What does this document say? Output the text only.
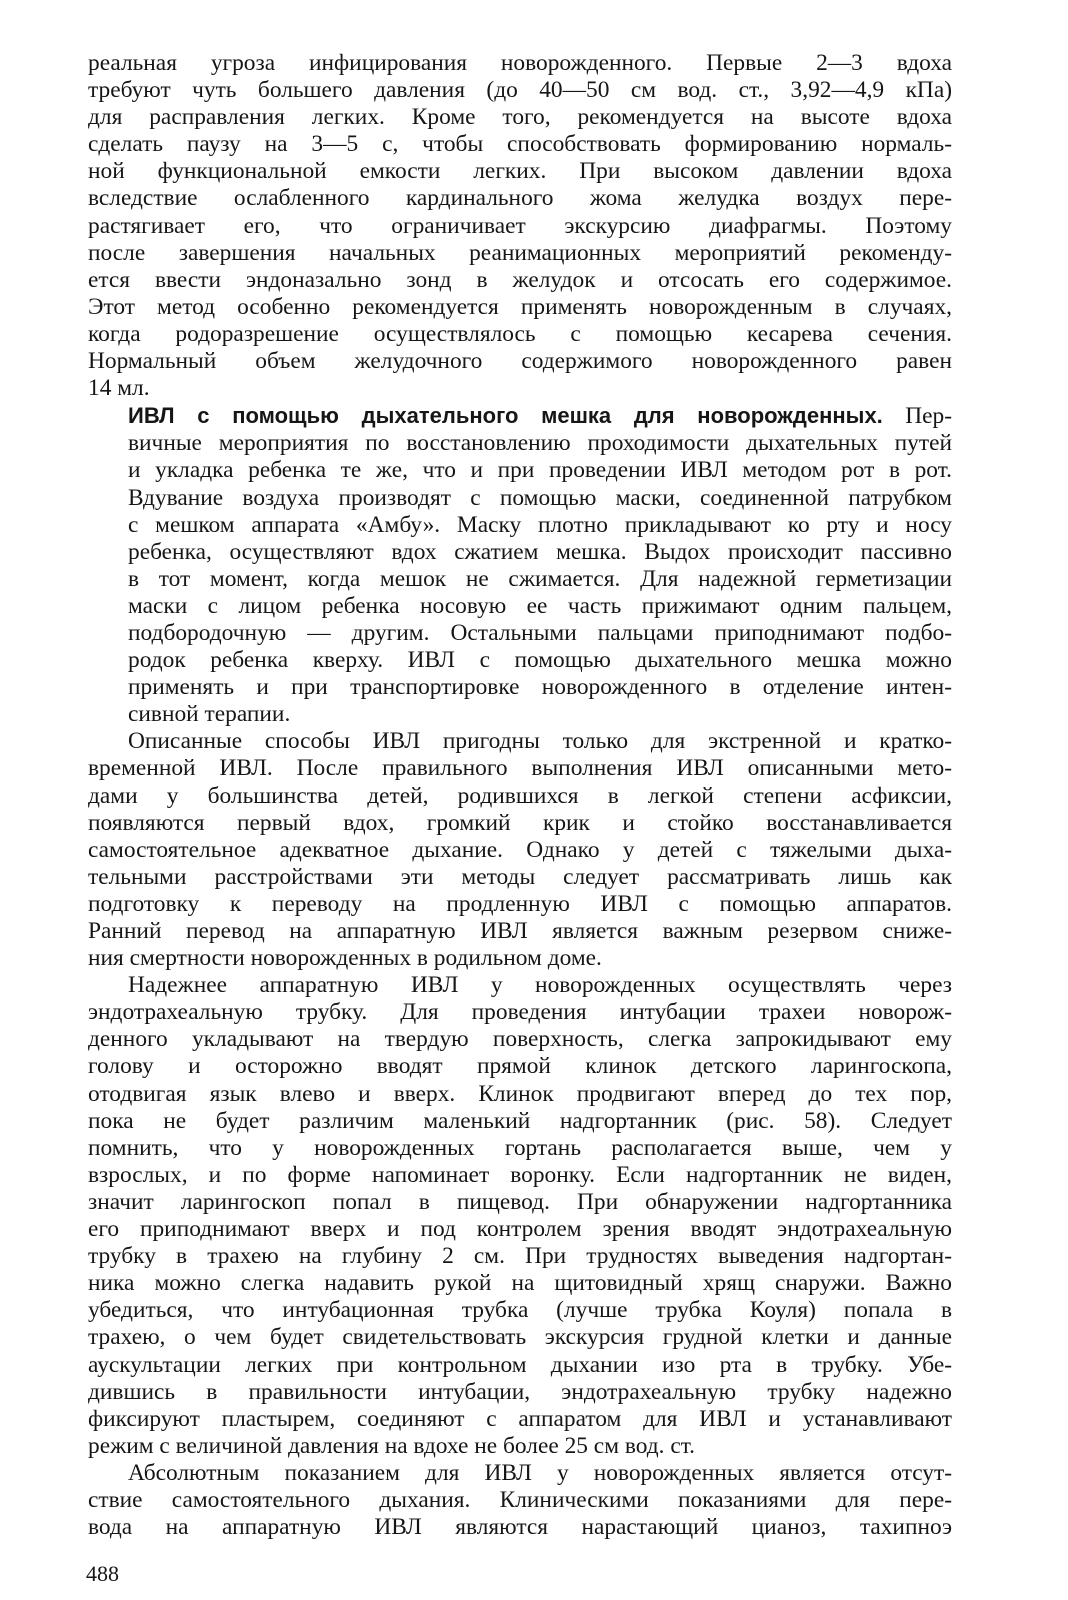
реальная угроза инфицирования новорожденного. Первые 2—3 вдоха
требуют чуть большего давления (до 40—50 см вод. ст., 3,92—4,9 кПа)
для расправления легких. Кроме того, рекомендуется на высоте вдоха
сделать паузу на 3—5 с, чтобы способствовать формированию нормаль-
ной функциональной емкости легких. При высоком давлении вдоха
вследствие ослабленного кардинального жома желудка воздух пере-
растягивает его, что ограничивает экскурсию диафрагмы. Поэтому
после завершения начальных реанимационных мероприятий рекоменду-
ется ввести эндоназально зонд в желудок и отсосать его содержимое.
Этот метод особенно рекомендуется применять новорожденным в случаях,
когда родоразрешение осуществлялось с помощью кесарева сечения.
Нормальный объем желудочного содержимого новорожденного равен
14 мл.

ИВЛ с помощью дыхательного мешка для новорожденных. Пер-
вичные мероприятия по восстановлению проходимости дыхательных путей
и укладка ребенка те же, что и при проведении ИВЛ методом рот в рот.
Вдувание воздуха производят с помощью маски, соединенной патрубком
с мешком аппарата «Амбу». Маску плотно прикладывают ко рту и носу
ребенка, осуществляют вдох сжатием мешка. Выдох происходит пассивно
в тот момент, когда мешок не сжимается. Для надежной герметизации
маски с лицом ребенка носовую ее часть прижимают одним пальцем,
подбородочную — другим. Остальными пальцами приподнимают подбо-
родок ребенка кверху. ИВЛ с помощью дыхательного мешка можно
применять и при транспортировке новорожденного в отделение интен-
сивной терапии.

Описанные способы ИВЛ пригодны только для экстренной и кратко-
временной ИВЛ. После правильного выполнения ИВЛ описанными мето-
дами у большинства детей, родившихся в легкой степени асфиксии,
появляются первый вдох, громкий крик и стойко восстанавливается
самостоятельное адекватное дыхание. Однако у детей с тяжелыми дыха-
тельными расстройствами эти методы следует рассматривать лишь как
подготовку к переводу на продленную ИВЛ с помощью аппаратов.
Ранний перевод на аппаратную ИВЛ является важным резервом сниже-
ния смертности новорожденных в родильном доме.

Надежнее аппаратную ИВЛ у новорожденных осуществлять через
эндотрахеальную трубку. Для проведения интубации трахеи новорож-
денного укладывают на твердую поверхность, слегка запрокидывают ему
голову и осторожно вводят прямой клинок детского ларингоскопа,
отодвигая язык влево и вверх. Клинок продвигают вперед до тех пор,
пока не будет различим маленький надгортанник (рис. 58). Следует
помнить, что у новорожденных гортань располагается выше, чем у
взрослых, и по форме напоминает воронку. Если надгортанник не виден,
значит ларингоскоп попал в пищевод. При обнаружении надгортанника
его приподнимают вверх и под контролем зрения вводят эндотрахеальную
трубку в трахею на глубину 2 см. При трудностях выведения надгортан-
ника можно слегка надавить рукой на щитовидный хрящ снаружи. Важно
убедиться, что интубационная трубка (лучше трубка Коуля) попала в
трахею, о чем будет свидетельствовать экскурсия грудной клетки и данные
аускультации легких при контрольном дыхании изо рта в трубку. Убе-
дившись в правильности интубации, эндотрахеальную трубку надежно
фиксируют пластырем, соединяют с аппаратом для ИВЛ и устанавливают
режим с величиной давления на вдохе не более 25 см вод. ст.

Абсолютным показанием для ИВЛ у новорожденных является отсут-
ствие самостоятельного дыхания. Клиническими показаниями для пере-
вода на аппаратную ИВЛ являются нарастающий цианоз, тахипноэ

488
